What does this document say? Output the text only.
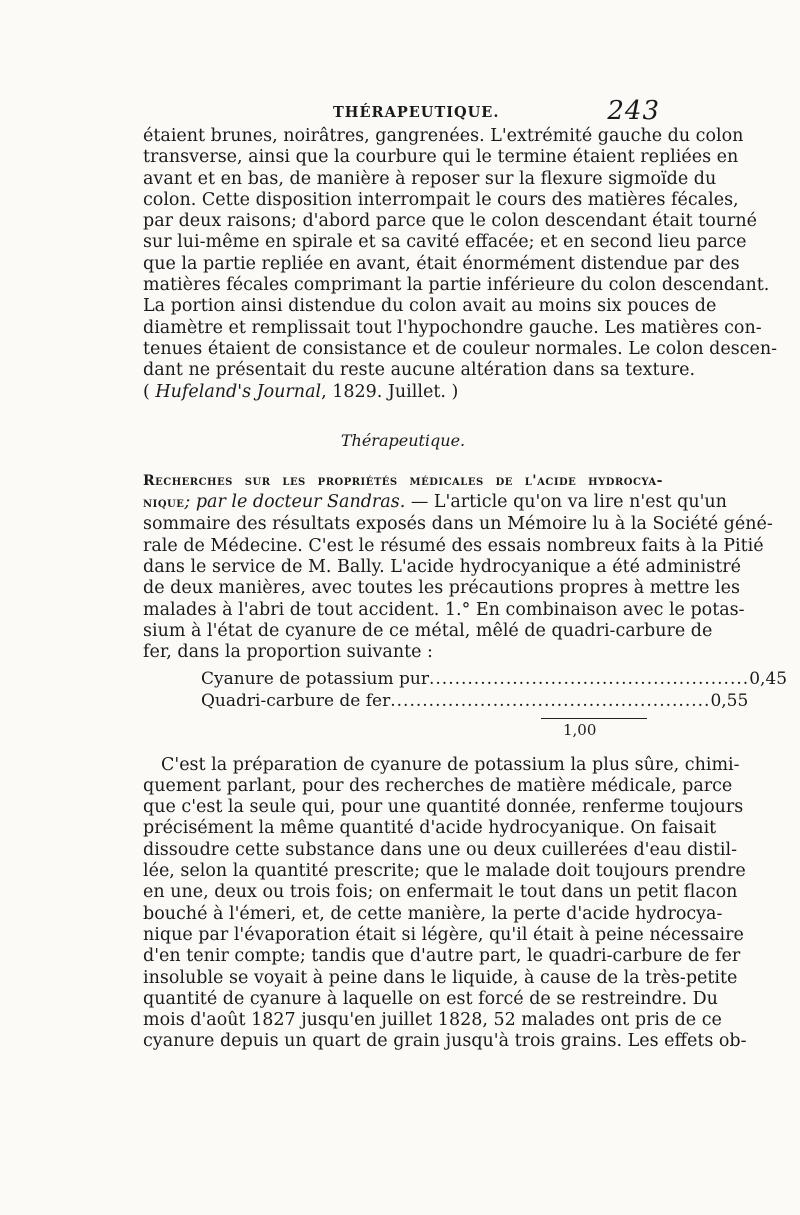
THÉRAPEUTIQUE.	243
étaient brunes, noirâtres, gangrenées. L'extrémité gauche du colon
transverse, ainsi que la courbure qui le termine étaient repliées en
avant et en bas, de manière à reposer sur la flexure sigmoïde du
colon. Cette disposition interrompait le cours des matières fécales,
par deux raisons; d'abord parce que le colon descendant était tourné
sur lui-même en spirale et sa cavité effacée; et en second lieu parce
que la partie repliée en avant, était énormément distendue par des
matières fécales comprimant la partie inférieure du colon descendant.
La portion ainsi distendue du colon avait au moins six pouces de
diamètre et remplissait tout l'hypochondre gauche. Les matières con-
tenues étaient de consistance et de couleur normales. Le colon descen-
dant ne présentait du reste aucune altération dans sa texture.
( Hufeland's Journal, 1829. Juillet. )
Thérapeutique.
Recherches sur les propriétés médicales de l'acide hydrocya-
nique; par le docteur Sandras. — L'article qu'on va lire n'est qu'un
sommaire des résultats exposés dans un Mémoire lu à la Société géné-
rale de Médecine. C'est le résumé des essais nombreux faits à la Pitié
dans le service de M. Bally. L'acide hydrocyanique a été administré
de deux manières, avec toutes les précautions propres à mettre les
malades à l'abri de tout accident. 1.° En combinaison avec le potas-
sium à l'état de cyanure de ce métal, mêlé de quadri-carbure de
fer, dans la proportion suivante :
Cyanure de potassium pur .................................................. 0,45
Quadri-carbure de fer .................................................. 0,55
1,00
C'est la préparation de cyanure de potassium la plus sûre, chimi-
quement parlant, pour des recherches de matière médicale, parce
que c'est la seule qui, pour une quantité donnée, renferme toujours
précisément la même quantité d'acide hydrocyanique. On faisait
dissoudre cette substance dans une ou deux cuillerées d'eau distil-
lée, selon la quantité prescrite; que le malade doit toujours prendre
en une, deux ou trois fois; on enfermait le tout dans un petit flacon
bouché à l'émeri, et, de cette manière, la perte d'acide hydrocya-
nique par l'évaporation était si légère, qu'il était à peine nécessaire
d'en tenir compte; tandis que d'autre part, le quadri-carbure de fer
insoluble se voyait à peine dans le liquide, à cause de la très-petite
quantité de cyanure à laquelle on est forcé de se restreindre. Du
mois d'août 1827 jusqu'en juillet 1828, 52 malades ont pris de ce
cyanure depuis un quart de grain jusqu'à trois grains. Les effets ob-
